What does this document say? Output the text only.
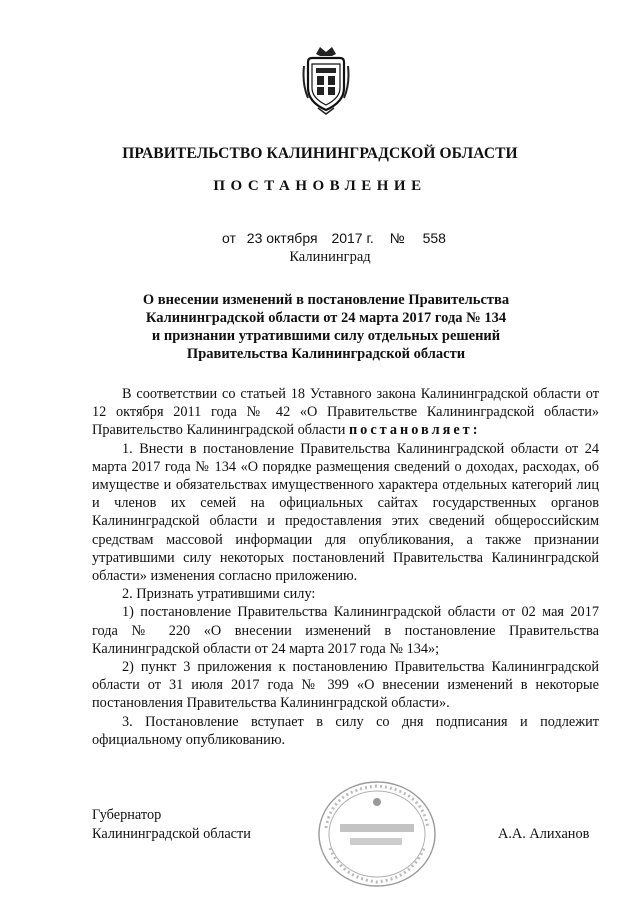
ПРАВИТЕЛЬСТВО КАЛИНИНГРАДСКОЙ ОБЛАСТИ
ПОСТАНОВЛЕНИЕ
от 23 октября 2017 г. № 558
Калининград
О внесении изменений в постановление Правительства
Калининградской области от 24 марта 2017 года № 134
и признании утратившими силу отдельных решений
Правительства Калининградской области

В соответствии со статьей 18 Уставного закона Калининградской области от 12 октября 2011 года № 42 «О Правительстве Калининградской области» Правительство Калининградской области постановляет:

1. Внести в постановление Правительства Калининградской области от 24 марта 2017 года № 134 «О порядке размещения сведений о доходах, расходах, об имуществе и обязательствах имущественного характера отдельных категорий лиц и членов их семей на официальных сайтах государственных органов Калининградской области и предоставления этих сведений общероссийским средствам массовой информации для опубликования, а также признании утратившими силу некоторых постановлений Правительства Калининградской области» изменения согласно приложению.

2. Признать утратившими силу:

1) постановление Правительства Калининградской области от 02 мая 2017 года № 220 «О внесении изменений в постановление Правительства Калининградской области от 24 марта 2017 года № 134»;

2) пункт 3 приложения к постановлению Правительства Калининградской области от 31 июля 2017 года № 399 «О внесении изменений в некоторые постановления Правительства Калининградской области».

3. Постановление вступает в силу со дня подписания и подлежит официальному опубликованию.

Губернатор
Калининградской области	А.А. Алиханов
